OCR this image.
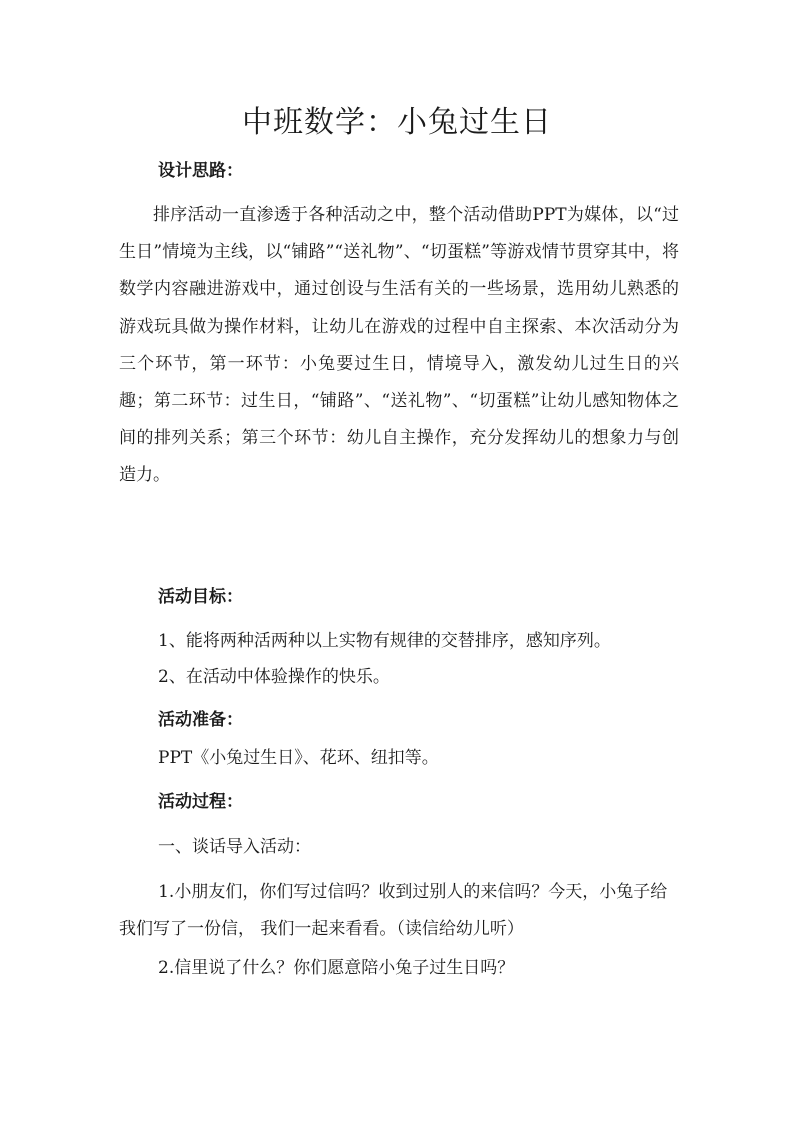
中班数学：小兔过生日
设计思路：

排序活动一直渗透于各种活动之中，整个活动借助PPT为媒体，以“过生日”情境为主线，以“铺路”“送礼物”、“切蛋糕”等游戏情节贯穿其中，将数学内容融进游戏中，通过创设与生活有关的一些场景，选用幼儿熟悉的游戏玩具做为操作材料，让幼儿在游戏的过程中自主探索、本次活动分为三个环节，第一环节：小兔要过生日，情境导入，激发幼儿过生日的兴趣；第二环节：过生日，“铺路”、“送礼物”、“切蛋糕”让幼儿感知物体之间的排列关系；第三个环节：幼儿自主操作，充分发挥幼儿的想象力与创造力。

活动目标：
1、能将两种活两种以上实物有规律的交替排序，感知序列。
2、在活动中体验操作的快乐。
活动准备：
PPT《小兔过生日》、花环、纽扣等。
活动过程：
一、谈话导入活动：

1.小朋友们，你们写过信吗？收到过别人的来信吗？今天，小兔子给我们写了一份信， 我们一起来看看。（读信给幼儿听）

2.信里说了什么？你们愿意陪小兔子过生日吗？
